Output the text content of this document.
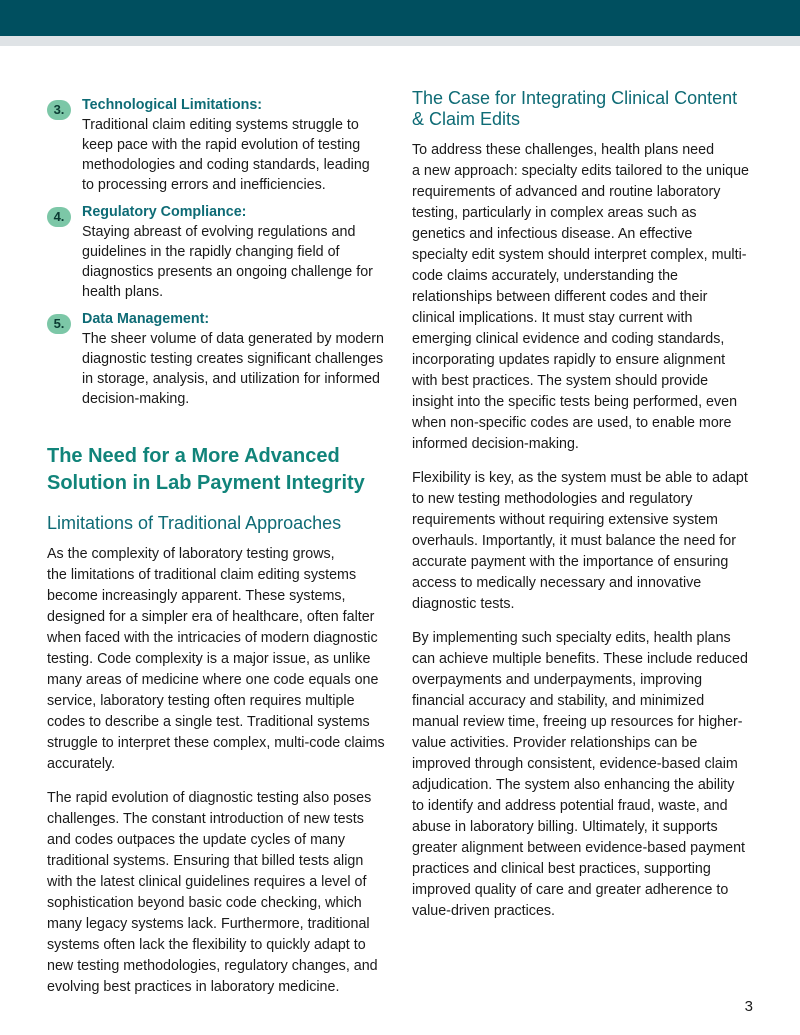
3.	Technological Limitations:
Traditional claim editing systems struggle to keep pace with the rapid evolution of testing methodologies and coding standards, leading to processing errors and inefficiencies.
4.	Regulatory Compliance:
Staying abreast of evolving regulations and guidelines in the rapidly changing field of diagnostics presents an ongoing challenge for health plans.
5.	Data Management:
The sheer volume of data generated by modern diagnostic testing creates significant challenges in storage, analysis, and utilization for informed decision-making.
The Need for a More Advanced
Solution in Lab Payment Integrity
Limitations of Traditional Approaches

As the complexity of laboratory testing grows,
the limitations of traditional claim editing systems become increasingly apparent. These systems, designed for a simpler era of healthcare, often falter when faced with the intricacies of modern diagnostic testing. Code complexity is a major issue, as unlike many areas of medicine where one code equals one service, laboratory testing often requires multiple codes to describe a single test. Traditional systems struggle to interpret these complex, multi-code claims accurately.

The rapid evolution of diagnostic testing also poses challenges. The constant introduction of new tests and codes outpaces the update cycles of many traditional systems. Ensuring that billed tests align with the latest clinical guidelines requires a level of sophistication beyond basic code checking, which many legacy systems lack. Furthermore, traditional systems often lack the flexibility to quickly adapt to new testing methodologies, regulatory changes, and evolving best practices in laboratory medicine.

The Case for Integrating Clinical Content
& Claim Edits

To address these challenges, health plans need
a new approach: specialty edits tailored to the unique requirements of advanced and routine laboratory testing, particularly in complex areas such as genetics and infectious disease. An effective specialty edit system should interpret complex, multi-code claims accurately, understanding the relationships between different codes and their clinical implications. It must stay current with emerging clinical evidence and coding standards, incorporating updates rapidly to ensure alignment with best practices. The system should provide insight into the specific tests being performed, even when non-specific codes are used, to enable more informed decision-making.

Flexibility is key, as the system must be able to adapt to new testing methodologies and regulatory requirements without requiring extensive system overhauls. Importantly, it must balance the need for accurate payment with the importance of ensuring access to medically necessary and innovative diagnostic tests.

By implementing such specialty edits, health plans can achieve multiple benefits. These include reduced overpayments and underpayments, improving financial accuracy and stability, and minimized manual review time, freeing up resources for higher-value activities. Provider relationships can be improved through consistent, evidence-based claim adjudication. The system also enhancing the ability to identify and address potential fraud, waste, and abuse in laboratory billing. Ultimately, it supports greater alignment between evidence-based payment practices and clinical best practices, supporting improved quality of care and greater adherence to value-driven practices.

3
